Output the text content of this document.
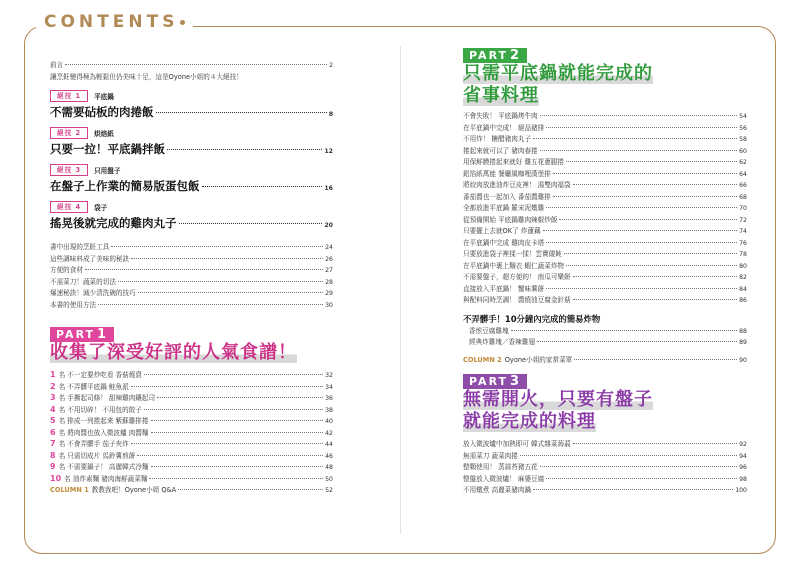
CONTENTS
前言	2
讓烹飪變得極為輕鬆但仍美味十足，這是Oyone小姐的４大絕技！
絕技 1	平底鍋
不需要砧板的肉捲飯	8
絕技 2	烘焙紙
只要一拉！平底鍋拌飯	12
絕技 3	只用盤子
在盤子上作業的簡易版蛋包飯	16
絕技 4	袋子
搖晃後就完成的雞肉丸子	20
書中出現的烹飪工具	24
這些調味料成了美味的秘訣	26
方便的食材	27
不需菜刀！蔬菜的切法	28
爆速秘訣！減少清洗碗的技巧	29
本書的使用方法	30
PART 1
收集了深受好評的人氣食譜！
1 名 不一定要炒吃看 香菇燒賣	32
2 名 不弄髒平底鍋 鮭魚派	34
3 名 手撕起司條！ 甜辣雞肉鑲起司	36
4 名 不用切碎！ 不用包的餃子	38
5 名 排成一列捲起來 紫蘇雞排捲	40
6 名 將肉醬也放入微波爐 肉醬麵	42
7 名 不會弄髒手 茄子夾炸	44
8 名 只需切成片 馬鈴薯煎餅	46
9 名 不需要鍋子！ 高麗韓式冷麵	48
10 名 油炸素麵 豬肉海鮮蔬菜麵	50
COLUMN 1 教教我吧！Oyone小姐 Q&A	52
PART 2
只需平底鍋就能完成的
省事料理
不會失敗！ 平底鍋烤牛肉	54
在平底鍋中完成！ 絕品豬排	56
不用炸！ 糖醋豬肉丸子	58
捲起來就可以了 豬肉春捲	60
用保鮮膜捲起來就好 雞五花蔥腿捲	62
鋁箔紙萬能 餐廳風咖哩漢堡排	64
將絞肉放進油炸豆皮裡！ 湯雙肉福袋	66
番茄醬也一起加入 番茄醬雞排	68
全都放進平底鍋 羅宋泥燉雞	70
從預備開始 平底鍋雞肉辣椒炒飯	72
只要擺上去就OK了 炸蓮藕	74
在平底鍋中完成 雞肉皮卡塔	76
只要放進袋子裡揉一揉！雲寶餛飩	78
在平底鍋中裹上麵衣 蝦仁蔬菜炸物	80
不需要盤子，超方便的！ 南瓜可樂餅	82
直接放入平底鍋！ 蟹味薯餅	84
與配料同時烹調！ 醬燒油豆腐金針菇	86
不弄髒手！10分鐘內完成的簡易炸物
香煎豆腐雞塊	88
經典炸雞塊／香辣雞翅	89
COLUMN 2 Oyone小姐的家常菜單	90
PART 3
無需開火，只要有盤子
就能完成的料理
放入微波爐中加熱即可 韓式雜菜蒟蒻	92
無需菜刀 蔬菜肉捲	94
整顆使用！ 蒸蒜苔豬五花	96
整盤放入微波爐！ 麻婆豆腐	98
不用燉煮 高麗菜豬肉鍋	100
